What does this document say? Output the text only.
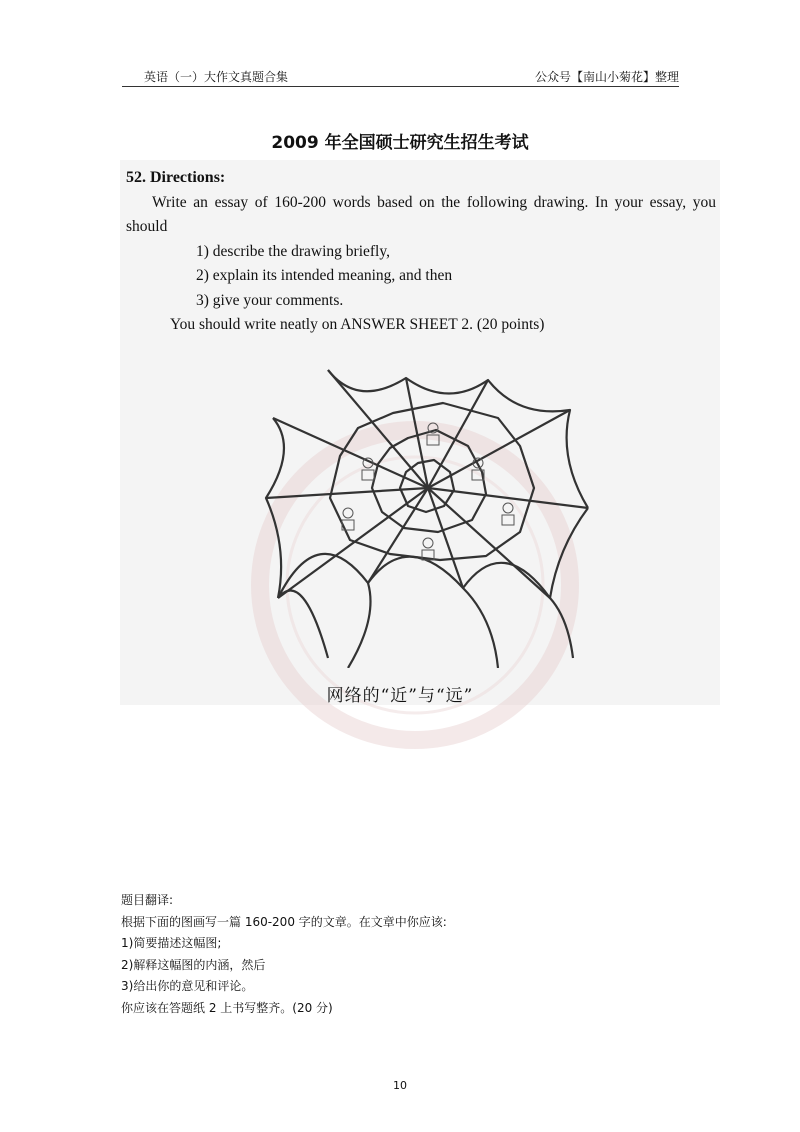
英语（一）大作文真题合集	公众号【南山小菊花】整理
2009 年全国硕士研究生招生考试
52. Directions:
Write an essay of 160-200 words based on the following drawing. In your essay, you should
1) describe the drawing briefly,
2) explain its intended meaning, and then
3) give your comments.
You should write neatly on ANSWER SHEET 2. (20 points)
网络的“近”与“远”
题目翻译:
根据下面的图画写一篇 160-200 字的文章。在文章中你应该:
1)简要描述这幅图;
2)解释这幅图的内涵，然后
3)给出你的意见和评论。
你应该在答题纸 2 上书写整齐。(20 分)
10
